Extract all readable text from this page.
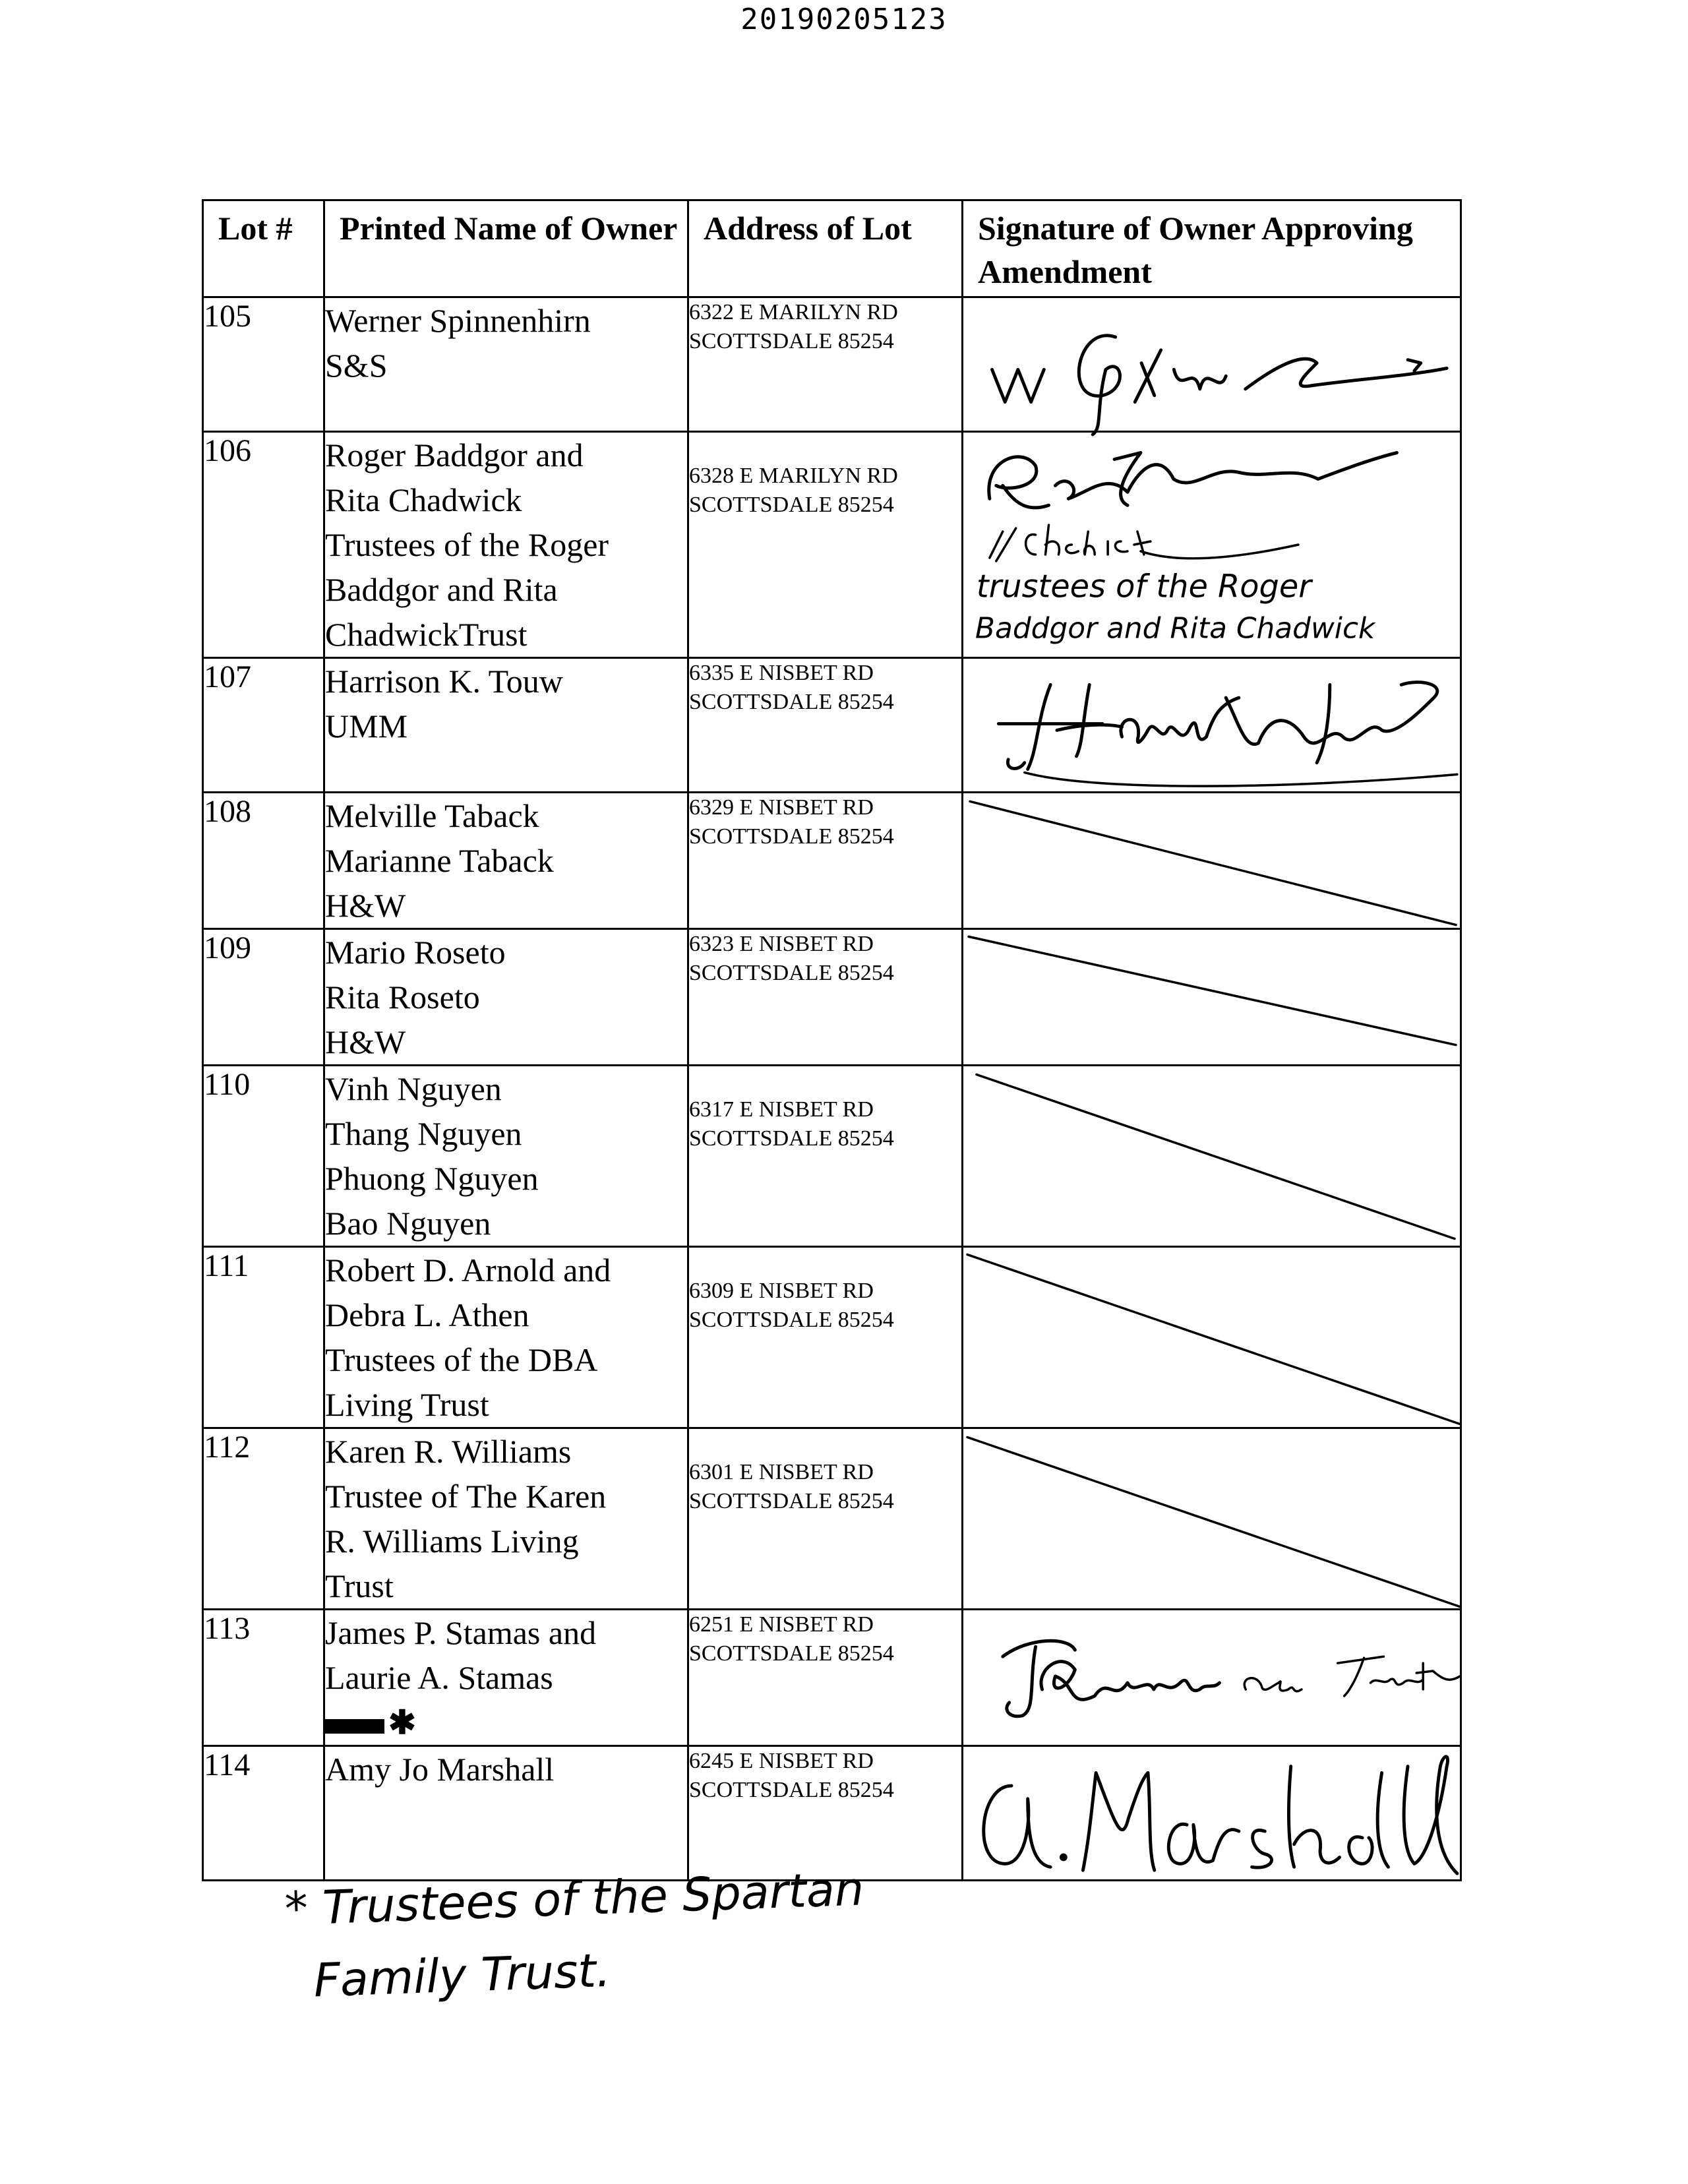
20190205123
Lot #	Printed Name of Owner	Address of Lot	Signature of Owner Approving Amendment
105	Werner Spinnenhirn
S&S	6322 E MARILYN RD
SCOTTSDALE 85254

106	Roger Baddgor and
Rita Chadwick
Trustees of the Roger
Baddgor and Rita
ChadwickTrust	6328 E MARILYN RD
SCOTTSDALE 85254	trustees of the Roger
Baddgor and Rita Chadwick

107	Harrison K. Touw
UMM	6335 E NISBET RD
SCOTTSDALE 85254

108	Melville Taback
Marianne Taback
H&W	6329 E NISBET RD
SCOTTSDALE 85254

109	Mario Roseto
Rita Roseto
H&W	6323 E NISBET RD
SCOTTSDALE 85254

110	Vinh Nguyen
Thang Nguyen
Phuong Nguyen
Bao Nguyen	6317 E NISBET RD
SCOTTSDALE 85254

111	Robert D. Arnold and
Debra L. Athen
Trustees of the DBA
Living Trust	6309 E NISBET RD
SCOTTSDALE 85254

112	Karen R. Williams
Trustee of The Karen
R. Williams Living
Trust	6301 E NISBET RD
SCOTTSDALE 85254

113	James P. Stamas and
Laurie A. Stamas
✱	6251 E NISBET RD
SCOTTSDALE 85254

114	Amy Jo Marshall	6245 E NISBET RD
SCOTTSDALE 85254

* Trustees of the Spartan
Family Trust.
